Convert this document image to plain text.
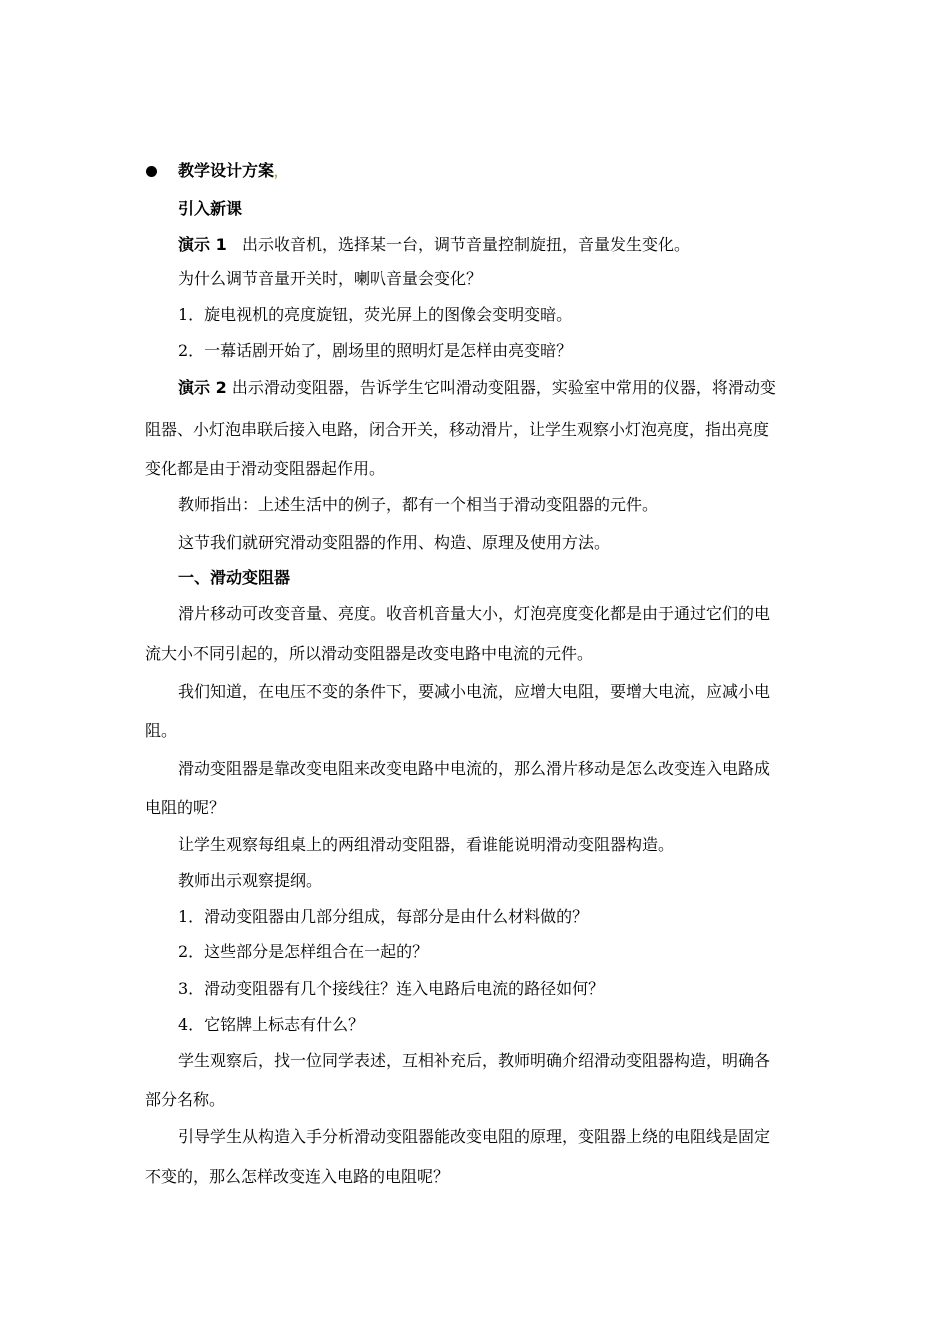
教学设计方案，
引入新课
演示 1 出示收音机，选择某一台，调节音量控制旋扭，音量发生变化。
为什么调节音量开关时，喇叭音量会变化？
1．旋电视机的亮度旋钮，荧光屏上的图像会变明变暗。
2．一幕话剧开始了，剧场里的照明灯是怎样由亮变暗？
演示 2 出示滑动变阻器，告诉学生它叫滑动变阻器，实验室中常用的仪器，将滑动变
阻器、小灯泡串联后接入电路，闭合开关，移动滑片，让学生观察小灯泡亮度，指出亮度
变化都是由于滑动变阻器起作用。
教师指出：上述生活中的例子，都有一个相当于滑动变阻器的元件。
这节我们就研究滑动变阻器的作用、构造、原理及使用方法。
一、滑动变阻器
滑片移动可改变音量、亮度。收音机音量大小，灯泡亮度变化都是由于通过它们的电
流大小不同引起的，所以滑动变阻器是改变电路中电流的元件。
我们知道，在电压不变的条件下，要减小电流，应增大电阻，要增大电流，应减小电
阻。
滑动变阻器是靠改变电阻来改变电路中电流的，那么滑片移动是怎么改变连入电路成
电阻的呢？
让学生观察每组桌上的两组滑动变阻器，看谁能说明滑动变阻器构造。
教师出示观察提纲。
1．滑动变阻器由几部分组成，每部分是由什么材料做的？
2．这些部分是怎样组合在一起的？
3．滑动变阻器有几个接线往？连入电路后电流的路径如何？
4．它铭牌上标志有什么？
学生观察后，找一位同学表述，互相补充后，教师明确介绍滑动变阻器构造，明确各
部分名称。
引导学生从构造入手分析滑动变阻器能改变电阻的原理，变阻器上绕的电阻线是固定
不变的，那么怎样改变连入电路的电阻呢？
